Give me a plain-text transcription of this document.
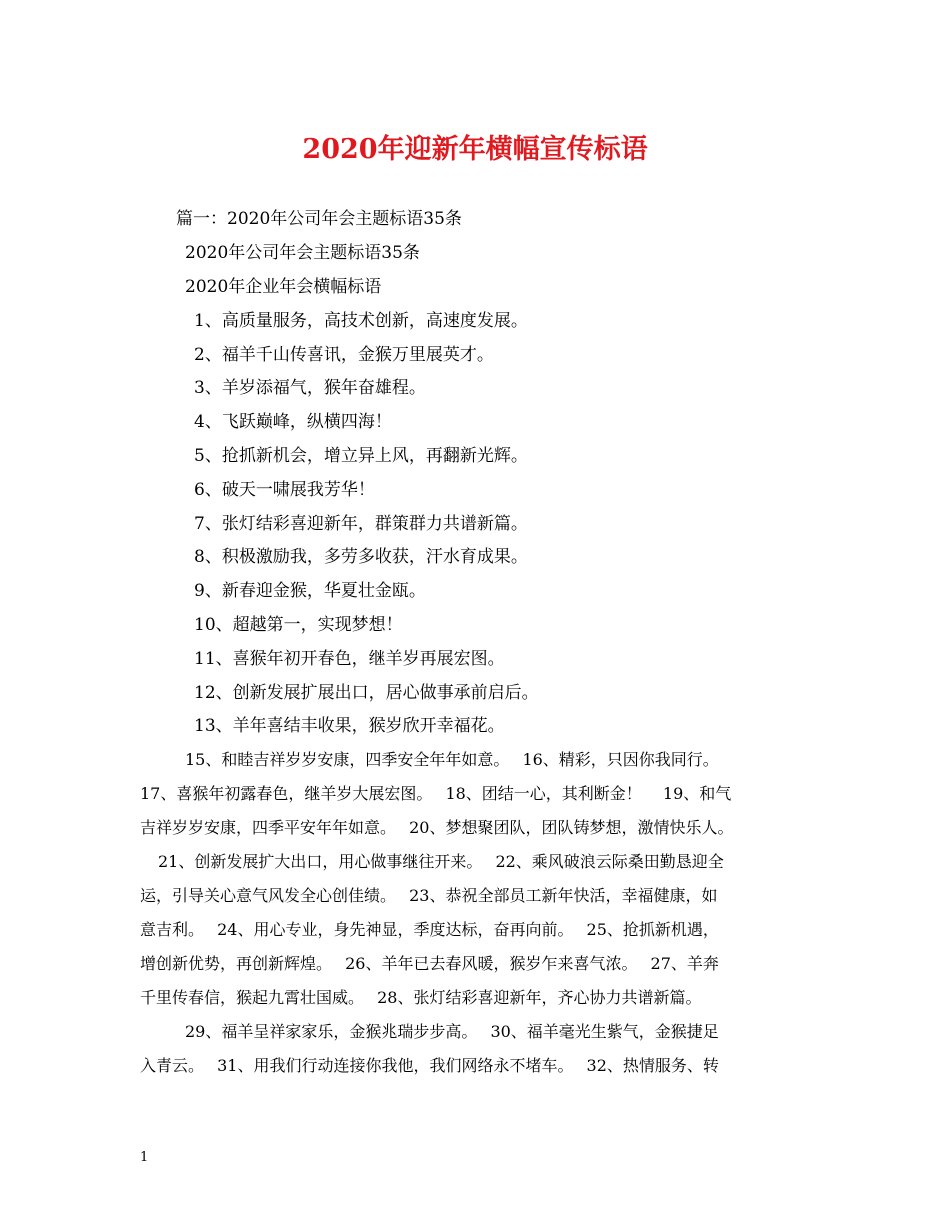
2020年迎新年横幅宣传标语
篇一：2020年公司年会主题标语35条
2020年公司年会主题标语35条
2020年企业年会横幅标语
1、高质量服务，高技术创新，高速度发展。
2、福羊千山传喜讯，金猴万里展英才。
3、羊岁添福气，猴年奋雄程。
4、飞跃巅峰，纵横四海！
5、抢抓新机会，增立异上风，再翻新光辉。
6、破天一啸展我芳华！
7、张灯结彩喜迎新年，群策群力共谱新篇。
8、积极激励我，多劳多收获，汗水育成果。
9、新春迎金猴，华夏壮金瓯。
10、超越第一，实现梦想！
11、喜猴年初开春色，继羊岁再展宏图。
12、创新发展扩展出口，居心做事承前启后。
13、羊年喜结丰收果，猴岁欣开幸福花。
15、和睦吉祥岁岁安康，四季安全年年如意。　 16、精彩，只因你我同行。
17、喜猴年初露春色，继羊岁大展宏图。　 18、团结一心，其利断金！　 19、和气
吉祥岁岁安康，四季平安年年如意。　 20、梦想聚团队，团队铸梦想，激情快乐人。
21、创新发展扩大出口，用心做事继往开来。　 22、乘风破浪云际桑田勤恳迎全
运，引导关心意气风发全心创佳绩。　 23、恭祝全部员工新年快活，幸福健康，如
意吉利。　 24、用心专业，身先神显，季度达标，奋再向前。　 25、抢抓新机遇，
增创新优势，再创新辉煌。　 26、羊年已去春风暖，猴岁乍来喜气浓。　 27、羊奔
千里传春信，猴起九霄壮国威。　 28、张灯结彩喜迎新年，齐心协力共谱新篇。
29、福羊呈祥家家乐，金猴兆瑞步步高。　 30、福羊毫光生紫气，金猴捷足
入青云。　 31、用我们行动连接你我他，我们网络永不堵车。　 32、热情服务、转
1
